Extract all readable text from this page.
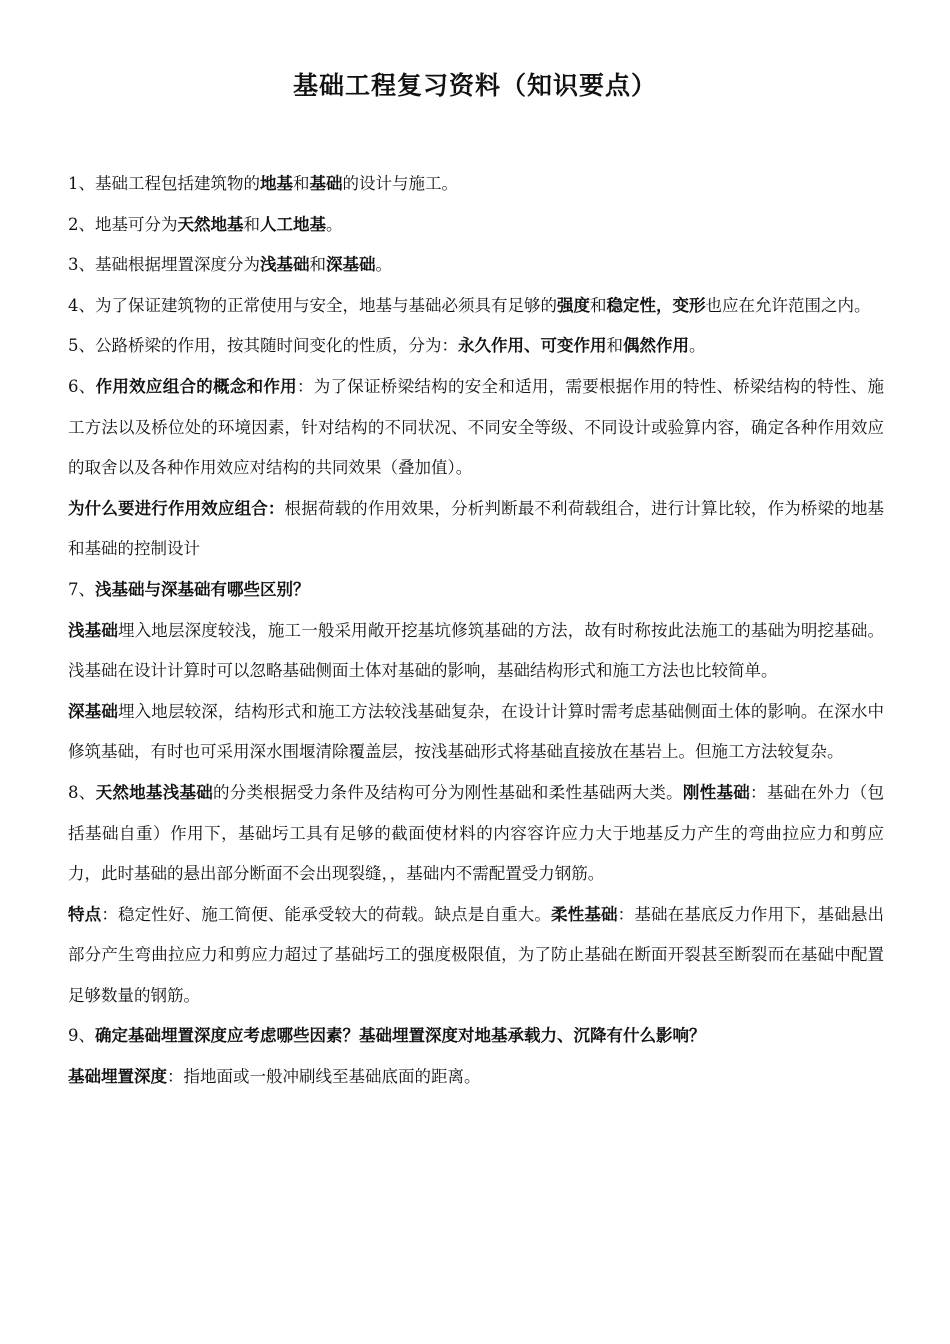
基础工程复习资料（知识要点）

1、基础工程包括建筑物的地基和基础的设计与施工。

2、地基可分为天然地基和人工地基。

3、基础根据埋置深度分为浅基础和深基础。

4、为了保证建筑物的正常使用与安全，地基与基础必须具有足够的强度和稳定性，变形也应在允许范围之内。

5、公路桥梁的作用，按其随时间变化的性质，分为：永久作用、可变作用和偶然作用。

6、作用效应组合的概念和作用：为了保证桥梁结构的安全和适用，需要根据作用的特性、桥梁结构的特性、施工方法以及桥位处的环境因素，针对结构的不同状况、不同安全等级、不同设计或验算内容，确定各种作用效应的取舍以及各种作用效应对结构的共同效果（叠加值）。

为什么要进行作用效应组合：根据荷载的作用效果，分析判断最不利荷载组合，进行计算比较，作为桥梁的地基和基础的控制设计

7、浅基础与深基础有哪些区别？

浅基础埋入地层深度较浅，施工一般采用敞开挖基坑修筑基础的方法，故有时称按此法施工的基础为明挖基础。浅基础在设计计算时可以忽略基础侧面土体对基础的影响，基础结构形式和施工方法也比较简单。

深基础埋入地层较深，结构形式和施工方法较浅基础复杂，在设计计算时需考虑基础侧面土体的影响。在深水中修筑基础，有时也可采用深水围堰清除覆盖层，按浅基础形式将基础直接放在基岩上。但施工方法较复杂。

8、天然地基浅基础的分类根据受力条件及结构可分为刚性基础和柔性基础两大类。刚性基础：基础在外力（包括基础自重）作用下，基础圬工具有足够的截面使材料的内容容许应力大于地基反力产生的弯曲拉应力和剪应力，此时基础的悬出部分断面不会出现裂缝，，基础内不需配置受力钢筋。

特点：稳定性好、施工简便、能承受较大的荷载。缺点是自重大。柔性基础：基础在基底反力作用下，基础悬出部分产生弯曲拉应力和剪应力超过了基础圬工的强度极限值，为了防止基础在断面开裂甚至断裂而在基础中配置足够数量的钢筋。

9、确定基础埋置深度应考虑哪些因素？基础埋置深度对地基承载力、沉降有什么影响？

基础埋置深度：指地面或一般冲刷线至基础底面的距离。
